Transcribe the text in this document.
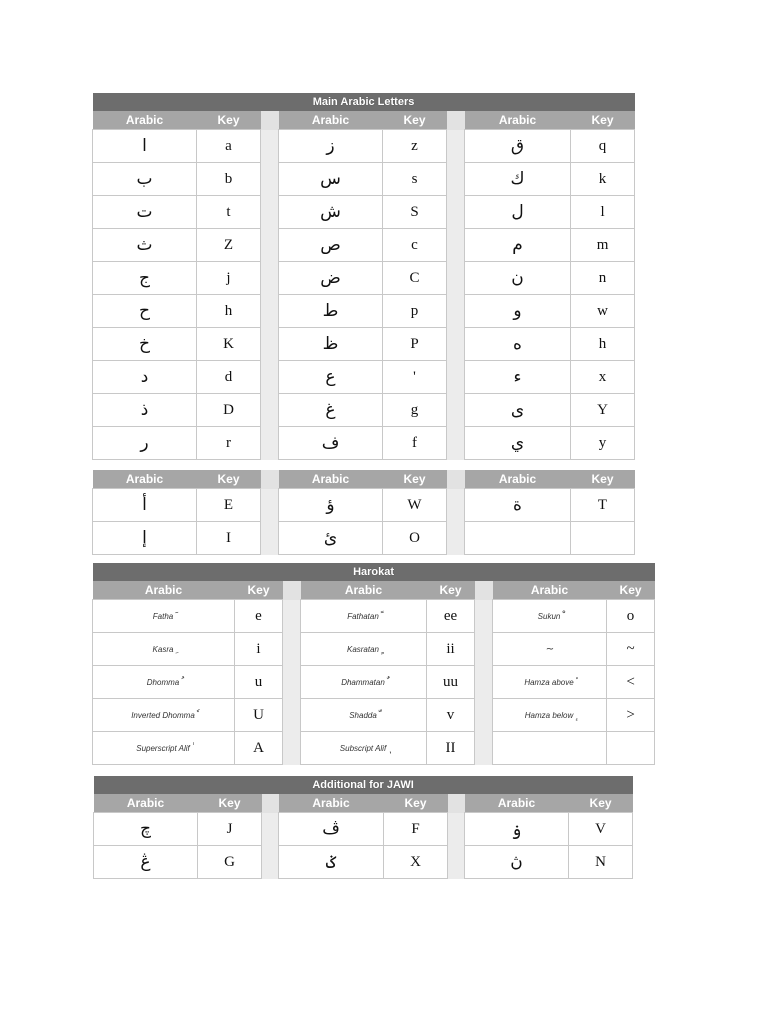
Main Arabic Letters							
Arabic	Key		Arabic	Key		Arabic	Key
ا	a		ز	z		ق	q
ب	b		س	s		ك	k
ت	t		ش	S		ل	l
ث	Z		ص	c		م	m
ج	j		ض	C		ن	n
ح	h		ط	p		و	w
خ	K		ظ	P		ه	h
د	d		ع	'		ء	x
ذ	D		غ	g		ى	Y
ر	r		ف	f		ي	y
Arabic	Key		Arabic	Key		Arabic	Key
أ	E		ؤ	W		ة	T
إ	I		ئ	O			
Harokat							
Arabic	Key		Arabic	Key		Arabic	Key
Fatha	e		Fathatan	ee		Sukun	o
Kasra	i		Kasratan	ii		~	~
Dhomma	u		Dhammatan	uu		Hamza above	<
Inverted Dhomma	U		Shadda	v		Hamza below	>
Superscript Alif	A		Subscript Alif	II			
Additional for JAWI							
Arabic	Key		Arabic	Key		Arabic	Key
چ	J		ڤ	F		ۏ	V
ڠ	G		ݢ	X		ڽ	N
